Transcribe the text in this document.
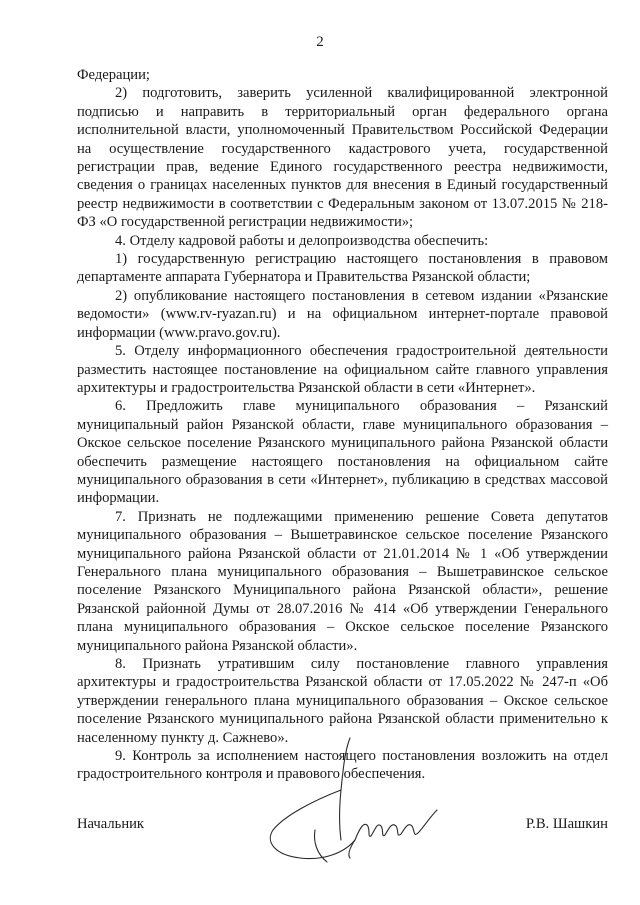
2

Федерации;

2) подготовить, заверить усиленной квалифицированной электронной подписью и направить в территориальный орган федерального органа исполнительной власти, уполномоченный Правительством Российской Федерации на осуществление государственного кадастрового учета, государственной регистрации прав, ведение Единого государственного реестра недвижимости, сведения о границах населенных пунктов для внесения в Единый государственный реестр недвижимости в соответствии с Федеральным законом от 13.07.2015 № 218-ФЗ «О государственной регистрации недвижимости»;

4. Отделу кадровой работы и делопроизводства обеспечить:

1) государственную регистрацию настоящего постановления в правовом департаменте аппарата Губернатора и Правительства Рязанской области;

2) опубликование настоящего постановления в сетевом издании «Рязанские ведомости» (www.rv-ryazan.ru) и на официальном интернет-портале правовой информации (www.pravo.gov.ru).

5. Отделу информационного обеспечения градостроительной деятельности разместить настоящее постановление на официальном сайте главного управления архитектуры и градостроительства Рязанской области в сети «Интернет».

6. Предложить главе муниципального образования – Рязанский муниципальный район Рязанской области, главе муниципального образования – Окское сельское поселение Рязанского муниципального района Рязанской области обеспечить размещение настоящего постановления на официальном сайте муниципального образования в сети «Интернет», публикацию в средствах массовой информации.

7. Признать не подлежащими применению решение Совета депутатов муниципального образования – Вышетравинское сельское поселение Рязанского муниципального района Рязанской области от 21.01.2014 № 1 «Об утверждении Генерального плана муниципального образования – Вышетравинское сельское поселение Рязанского Муниципального района Рязанской области», решение Рязанской районной Думы от 28.07.2016 № 414 «Об утверждении Генерального плана муниципального образования – Окское сельское поселение Рязанского муниципального района Рязанской области».

8. Признать утратившим силу постановление главного управления архитектуры и градостроительства Рязанской области от 17.05.2022 № 247-п «Об утверждении генерального плана муниципального образования – Окское сельское поселение Рязанского муниципального района Рязанской области применительно к населенному пункту д. Сажнево».

9. Контроль за исполнением настоящего постановления возложить на отдел градостроительного контроля и правового обеспечения.

Начальник	Р.В. Шашкин
